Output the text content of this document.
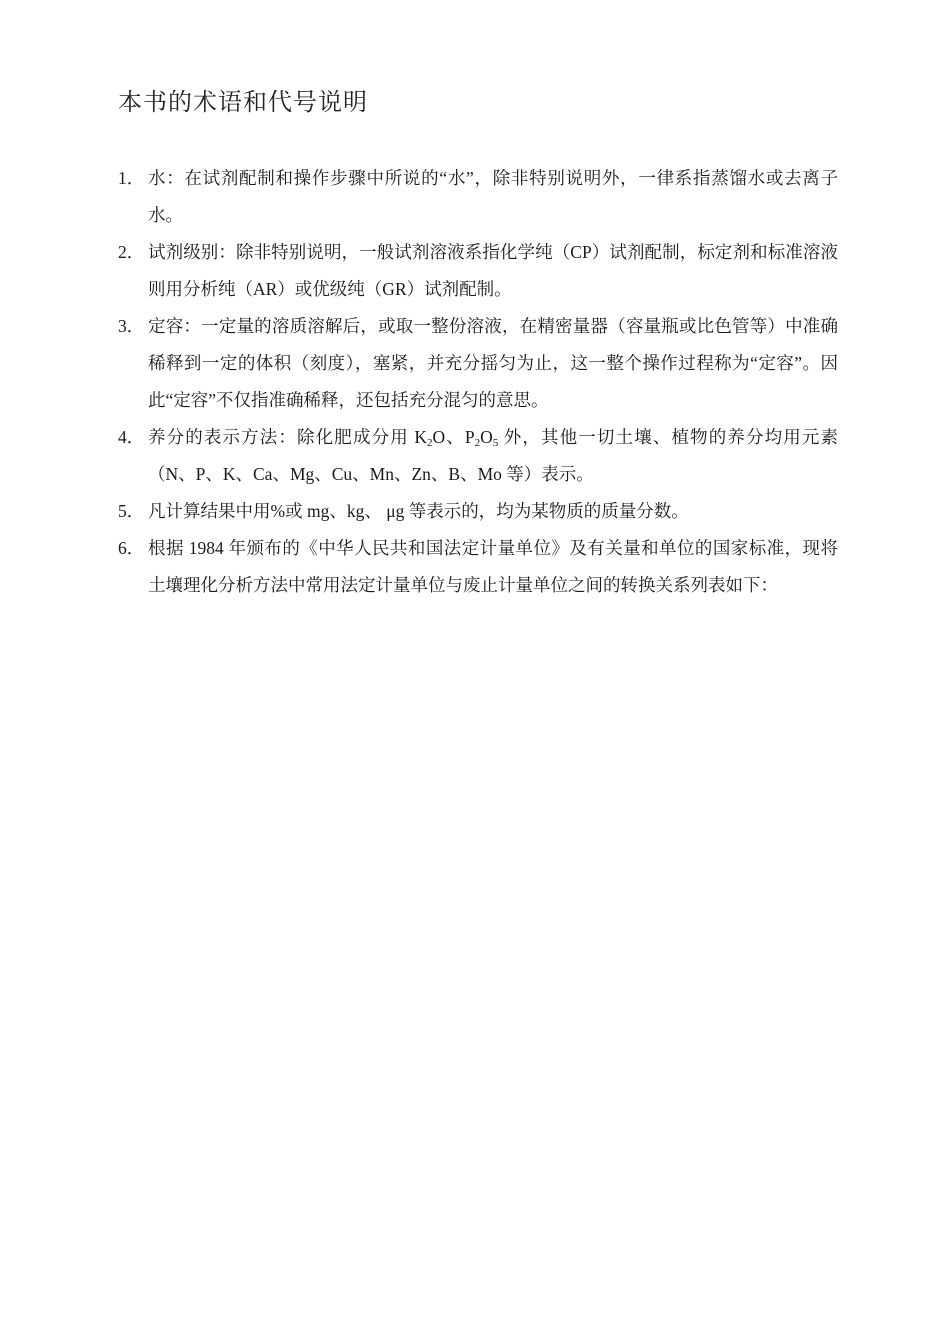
本书的术语和代号说明
1． 水：在试剂配制和操作步骤中所说的“水”，除非特别说明外，一律系指蒸馏水或去离子水。
2． 试剂级别：除非特别说明，一般试剂溶液系指化学纯（CP）试剂配制，标定剂和标准溶液则用分析纯（AR）或优级纯（GR）试剂配制。
3． 定容：一定量的溶质溶解后，或取一整份溶液，在精密量器（容量瓶或比色管等）中准确稀释到一定的体积（刻度），塞紧，并充分摇匀为止，这一整个操作过程称为“定容”。因此“定容”不仅指准确稀释，还包括充分混匀的意思。
4． 养分的表示方法：除化肥成分用 $K_2O$、$P_2O_5$ 外，其他一切土壤、植物的养分均用元素（N、P、K、Ca、Mg、Cu、Mn、Zn、B、Mo 等）表示。
5． 凡计算结果中用%或 mg、kg、 μg 等表示的，均为某物质的质量分数。
6． 根据 1984 年颁布的《中华人民共和国法定计量单位》及有关量和单位的国家标准，现将土壤理化分析方法中常用法定计量单位与废止计量单位之间的转换关系列表如下：
